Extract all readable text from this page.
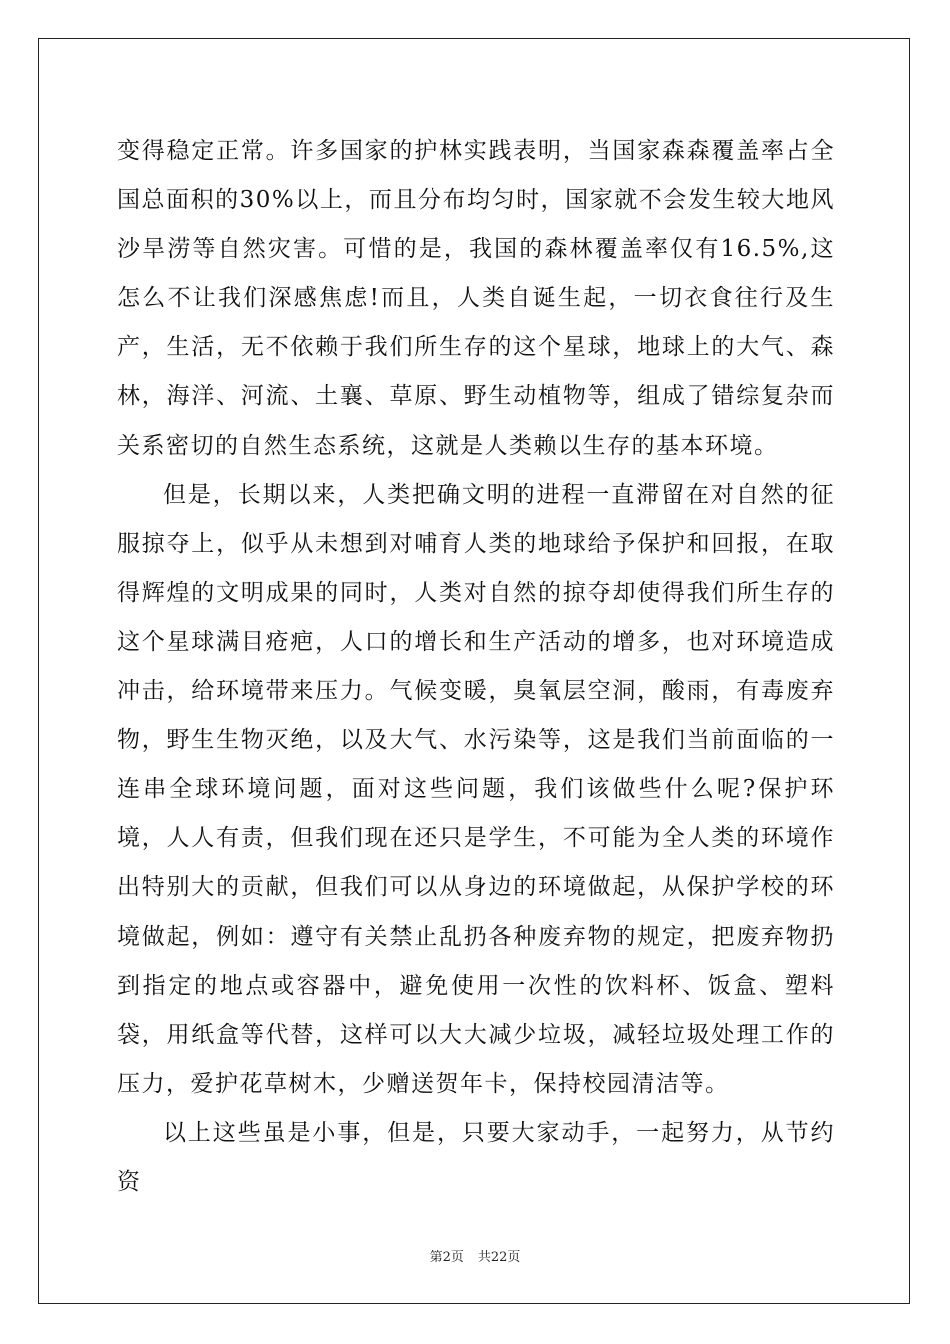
变得稳定正常。许多国家的护林实践表明，当国家森森覆盖率占全国总面积的30%以上，而且分布均匀时，国家就不会发生较大地风沙旱涝等自然灾害。可惜的是，我国的森林覆盖率仅有16.5%,这怎么不让我们深感焦虑!而且，人类自诞生起，一切衣食往行及生产，生活，无不依赖于我们所生存的这个星球，地球上的大气、森林，海洋、河流、土襄、草原、野生动植物等，组成了错综复杂而关系密切的自然生态系统，这就是人类赖以生存的基本环境。

但是，长期以来，人类把确文明的进程一直滞留在对自然的征服掠夺上，似乎从未想到对哺育人类的地球给予保护和回报，在取得辉煌的文明成果的同时，人类对自然的掠夺却使得我们所生存的这个星球满目疮疤，人口的增长和生产活动的增多，也对环境造成冲击，给环境带来压力。气候变暖，臭氧层空洞，酸雨，有毒废弃物，野生生物灭绝，以及大气、水污染等，这是我们当前面临的一连串全球环境问题，面对这些问题，我们该做些什么呢?保护环境，人人有责，但我们现在还只是学生，不可能为全人类的环境作出特别大的贡献，但我们可以从身边的环境做起，从保护学校的环境做起，例如：遵守有关禁止乱扔各种废弃物的规定，把废弃物扔到指定的地点或容器中，避免使用一次性的饮料杯、饭盒、塑料袋，用纸盒等代替，这样可以大大减少垃圾，减轻垃圾处理工作的压力，爱护花草树木，少赠送贺年卡，保持校园清洁等。

以上这些虽是小事，但是，只要大家动手，一起努力，从节约资

第2页 共22页
